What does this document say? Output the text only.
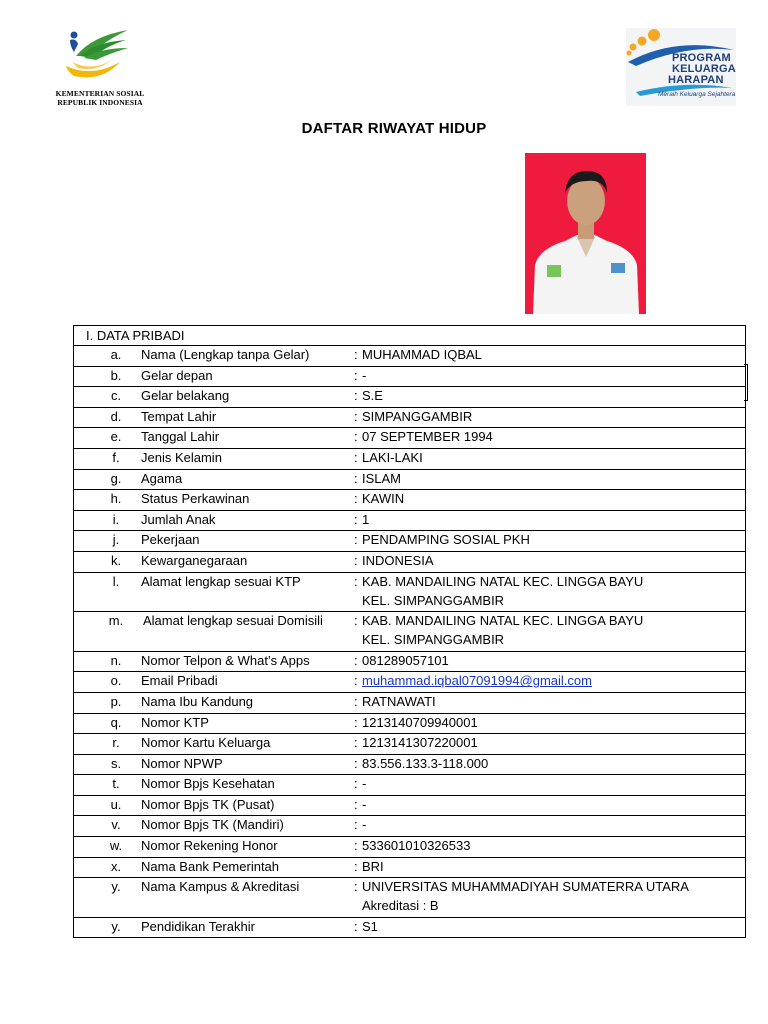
KEMENTERIAN SOSIAL
REPUBLIK INDONESIA
PROGRAM
KELUARGA
HARAPAN
Meraih Keluarga Sejahtera
DAFTAR RIWAYAT HIDUP
I. DATA PRIBADI
a.	Nama (Lengkap tanpa Gelar)	: MUHAMMAD IQBAL
b.	Gelar depan	: -
c.	Gelar belakang	: S.E
d.	Tempat Lahir	: SIMPANGGAMBIR
e.	Tanggal Lahir	: 07 SEPTEMBER 1994
f.	Jenis Kelamin	: LAKI-LAKI
g.	Agama	: ISLAM
h.	Status Perkawinan	: KAWIN
i.	Jumlah Anak	: 1
j.	Pekerjaan	: PENDAMPING SOSIAL PKH
k.	Kewarganegaraan	: INDONESIA
l.	Alamat lengkap sesuai KTP	: KAB. MANDAILING NATAL KEC. LINGGA BAYU
KEL. SIMPANGGAMBIR
m.	Alamat lengkap sesuai Domisili : KAB. MANDAILING NATAL KEC. LINGGA BAYU
KEL. SIMPANGGAMBIR
n.	Nomor Telpon & What’s Apps	: 081289057101
o.	Email Pribadi	: muhammad.iqbal07091994@gmail.com
p.	Nama Ibu Kandung	: RATNAWATI
q.	Nomor KTP	: 1213140709940001
r.	Nomor Kartu Keluarga	: 1213141307220001
s.	Nomor NPWP	: 83.556.133.3-118.000
t.	Nomor Bpjs Kesehatan	: -
u.	Nomor Bpjs TK (Pusat)	: -
v.	Nomor Bpjs TK (Mandiri)	: -
w.	Nomor Rekening Honor	: 533601010326533
x.	Nama Bank Pemerintah	: BRI
y.	Nama Kampus & Akreditasi	: UNIVERSITAS MUHAMMADIYAH SUMATERRA UTARA
Akreditasi : B
y.	Pendidikan Terakhir	: S1
